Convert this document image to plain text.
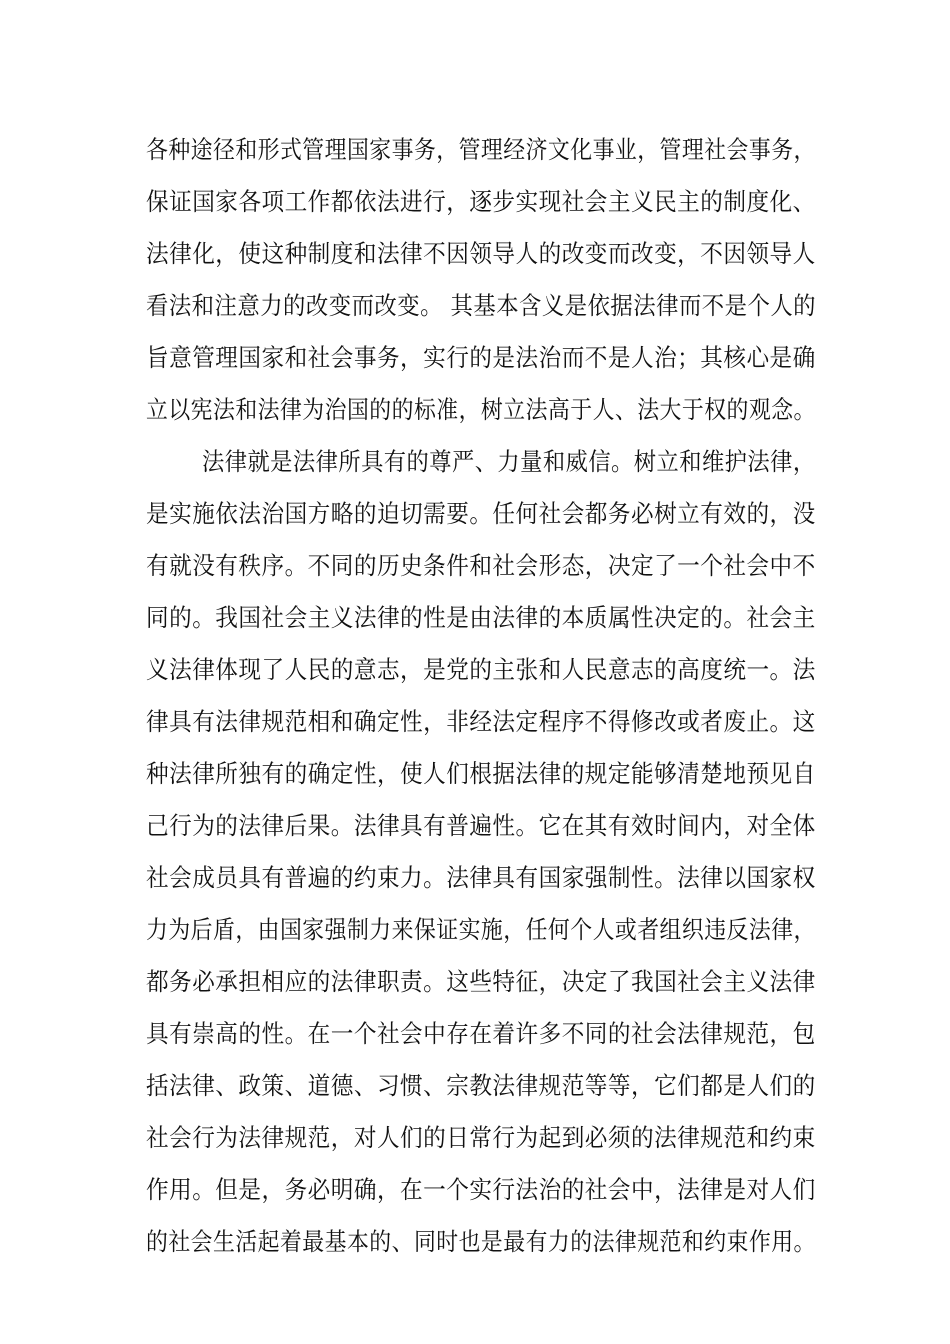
各种途径和形式管理国家事务，管理经济文化事业，管理社会事务，
保证国家各项工作都依法进行，逐步实现社会主义民主的制度化、
法律化，使这种制度和法律不因领导人的改变而改变，不因领导人
看法和注意力的改变而改变。 其基本含义是依据法律而不是个人的
旨意管理国家和社会事务，实行的是法治而不是人治；其核心是确
立以宪法和法律为治国的的标准，树立法高于人、法大于权的观念。
法律就是法律所具有的尊严、力量和威信。树立和维护法律，
是实施依法治国方略的迫切需要。任何社会都务必树立有效的，没
有就没有秩序。不同的历史条件和社会形态，决定了一个社会中不
同的。我国社会主义法律的性是由法律的本质属性决定的。社会主
义法律体现了人民的意志，是党的主张和人民意志的高度统一。法
律具有法律规范相和确定性，非经法定程序不得修改或者废止。这
种法律所独有的确定性，使人们根据法律的规定能够清楚地预见自
己行为的法律后果。法律具有普遍性。它在其有效时间内，对全体
社会成员具有普遍的约束力。法律具有国家强制性。法律以国家权
力为后盾，由国家强制力来保证实施，任何个人或者组织违反法律，
都务必承担相应的法律职责。这些特征，决定了我国社会主义法律
具有崇高的性。在一个社会中存在着许多不同的社会法律规范，包
括法律、政策、道德、习惯、宗教法律规范等等，它们都是人们的
社会行为法律规范，对人们的日常行为起到必须的法律规范和约束
作用。但是，务必明确，在一个实行法治的社会中，法律是对人们
的社会生活起着最基本的、同时也是最有力的法律规范和约束作用。
